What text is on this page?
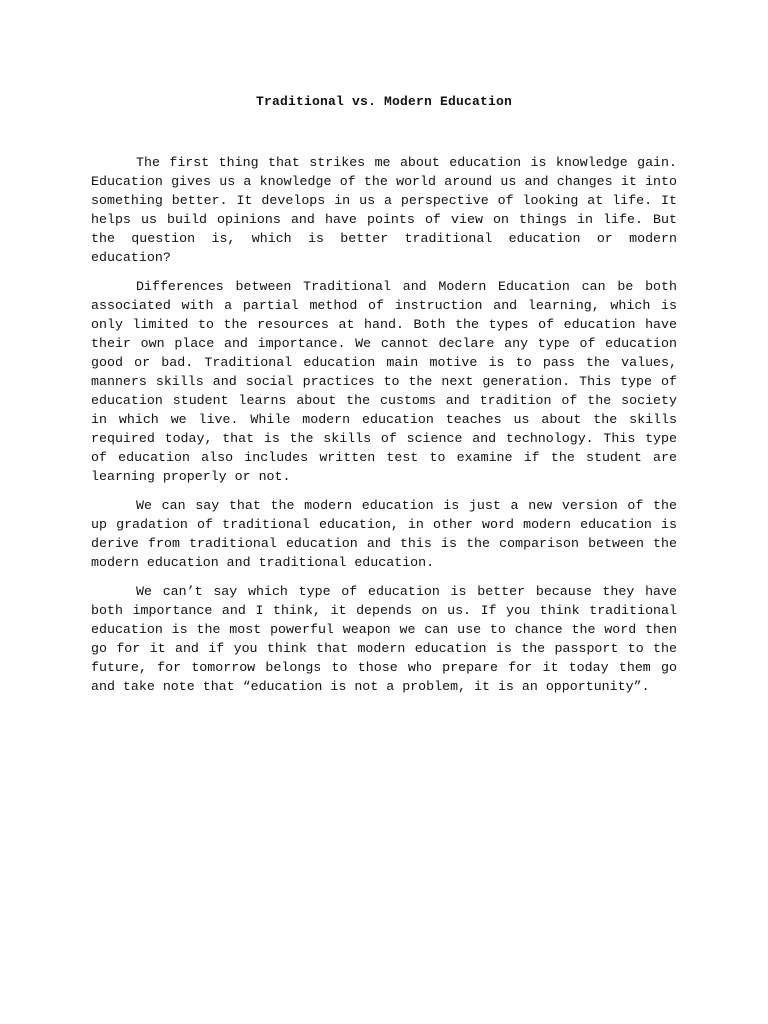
Traditional vs. Modern Education

The first thing that strikes me about education is knowledge gain. Education gives us a knowledge of the world around us and changes it into something better. It develops in us a perspective of looking at life. It helps us build opinions and have points of view on things in life. But the question is, which is better traditional education or modern education?

Differences between Traditional and Modern Education can be both associated with a partial method of instruction and learning, which is only limited to the resources at hand. Both the types of education have their own place and importance. We cannot declare any type of education good or bad. Traditional education main motive is to pass the values, manners skills and social practices to the next generation. This type of education student learns about the customs and tradition of the society in which we live. While modern education teaches us about the skills required today, that is the skills of science and technology. This type of education also includes written test to examine if the student are learning properly or not.

We can say that the modern education is just a new version of the up gradation of traditional education, in other word modern education is derive from traditional education and this is the comparison between the modern education and traditional education.

We can’t say which type of education is better because they have both importance and I think, it depends on us. If you think traditional education is the most powerful weapon we can use to chance the word then go for it and if you think that modern education is the passport to the future, for tomorrow belongs to those who prepare for it today them go and take note that “education is not a problem, it is an opportunity”.
